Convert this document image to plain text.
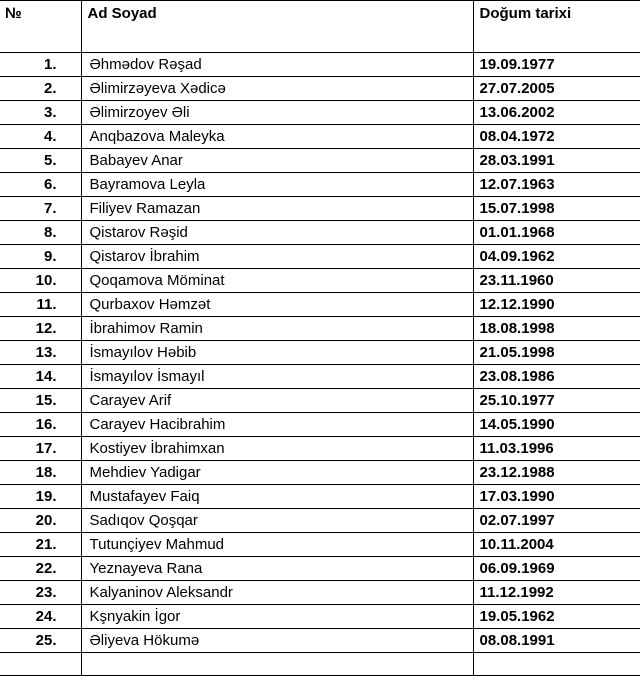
№	Ad Soyad	Doğum tarixi
1.	Əhmədov Rəşad	19.09.1977
2.	Əlimirzəyeva Xədicə	27.07.2005
3.	Əlimirzoyev Əli	13.06.2002
4.	Anqbazova Maleyka	08.04.1972
5.	Babayev Anar	28.03.1991
6.	Bayramova Leyla	12.07.1963
7.	Filiyev Ramazan	15.07.1998
8.	Qistarov Rəşid	01.01.1968
9.	Qistarov İbrahim	04.09.1962
10.	Qoqamova Möminat	23.11.1960
11.	Qurbaxov Həmzət	12.12.1990
12.	İbrahimov Ramin	18.08.1998
13.	İsmayılov Həbib	21.05.1998
14.	İsmayılov İsmayıl	23.08.1986
15.	Carayev Arif	25.10.1977
16.	Carayev Hacibrahim	14.05.1990
17.	Kostiyev İbrahimxan	11.03.1996
18.	Mehdiev Yadigar	23.12.1988
19.	Mustafayev Faiq	17.03.1990
20.	Sadıqov Qoşqar	02.07.1997
21.	Tutunçiyev Mahmud	10.11.2004
22.	Yeznayeva Rana	06.09.1969
23.	Kalyaninov Aleksandr	11.12.1992
24.	Kşnyakin İgor	19.05.1962
25.	Əliyeva Hökumə	08.08.1991
